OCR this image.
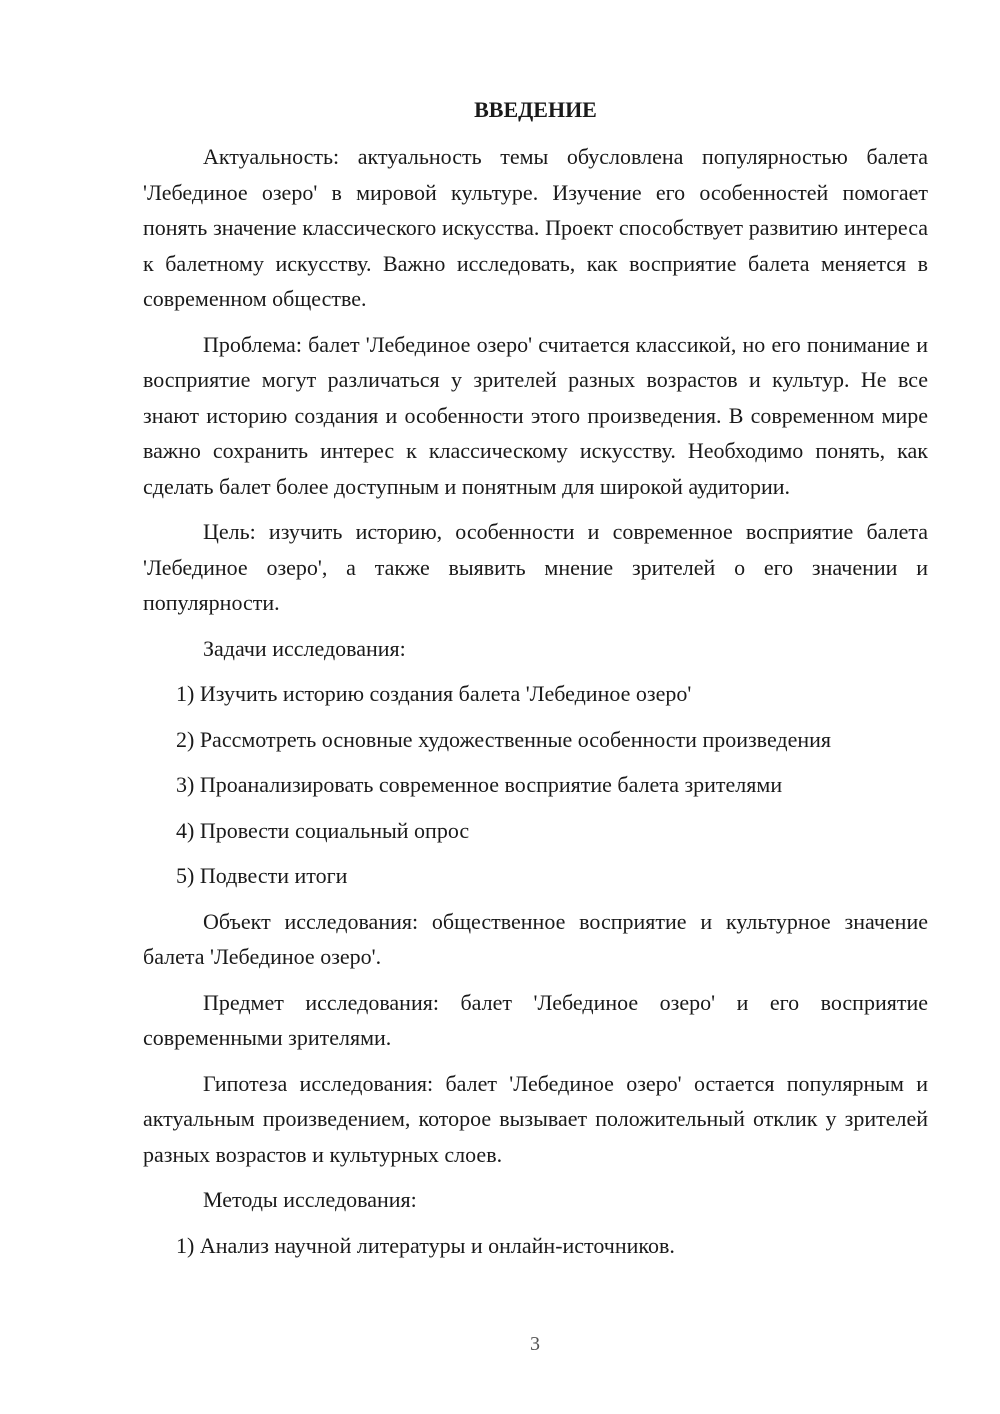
ВВЕДЕНИЕ

Актуальность: актуальность темы обусловлена популярностью балета 'Лебединое озеро' в мировой культуре. Изучение его особенностей помогает понять значение классического искусства. Проект способствует развитию интереса к балетному искусству. Важно исследовать, как восприятие балета меняется в современном обществе.

Проблема: балет 'Лебединое озеро' считается классикой, но его понимание и восприятие могут различаться у зрителей разных возрастов и культур. Не все знают историю создания и особенности этого произведения. В современном мире важно сохранить интерес к классическому искусству. Необходимо понять, как сделать балет более доступным и понятным для широкой аудитории.

Цель: изучить историю, особенности и современное восприятие балета 'Лебединое озеро', а также выявить мнение зрителей о его значении и популярности.

Задачи исследования:

1) Изучить историю создания балета 'Лебединое озеро'
2) Рассмотреть основные художественные особенности произведения
3) Проанализировать современное восприятие балета зрителями
4) Провести социальный опрос
5) Подвести итоги

Объект исследования: общественное восприятие и культурное значение балета 'Лебединое озеро'.

Предмет исследования: балет 'Лебединое озеро' и его восприятие современными зрителями.

Гипотеза исследования: балет 'Лебединое озеро' остается популярным и актуальным произведением, которое вызывает положительный отклик у зрителей разных возрастов и культурных слоев.

Методы исследования:

1) Анализ научной литературы и онлайн-источников.
3
